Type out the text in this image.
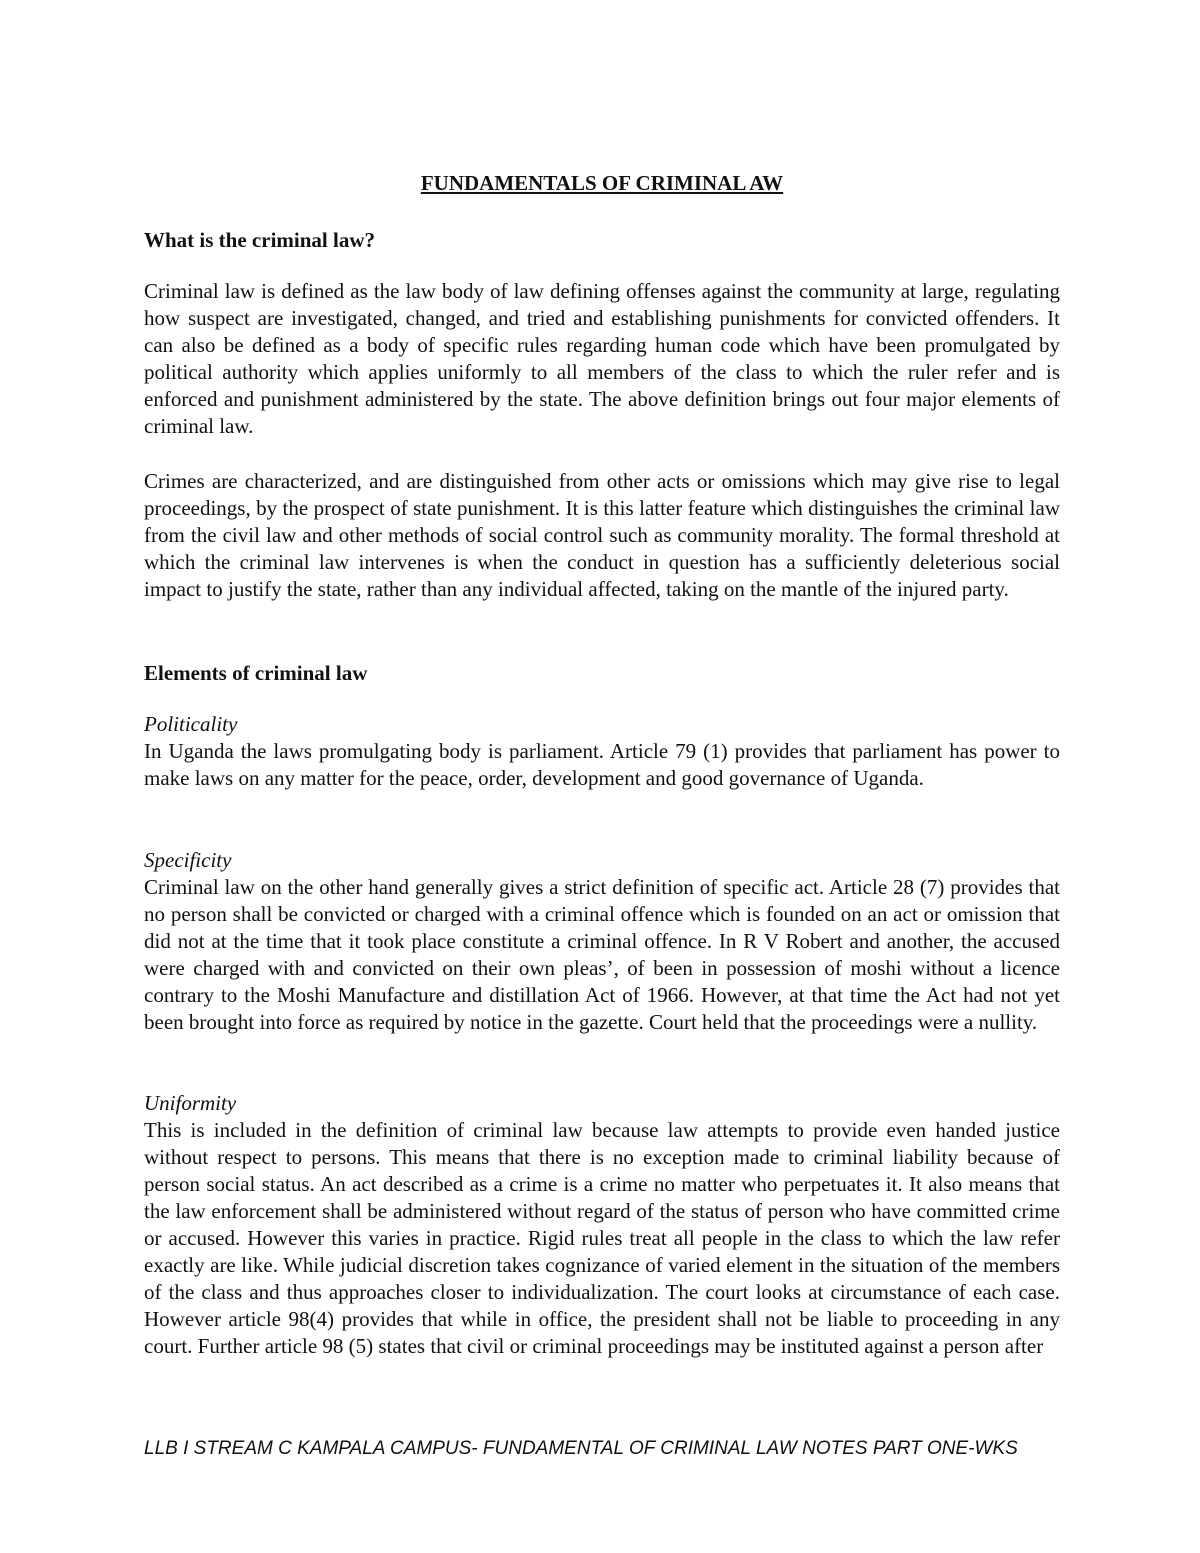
FUNDAMENTALS OF CRIMINAL AW
What is the criminal law?

Criminal law is defined as the law body of law defining offenses against the community at large, regulating how suspect are investigated, changed, and tried and establishing punishments for convicted offenders. It can also be defined as a body of specific rules regarding human code which have been promulgated by political authority which applies uniformly to all members of the class to which the ruler refer and is enforced and punishment administered by the state. The above definition brings out four major elements of criminal law.

Crimes are characterized, and are distinguished from other acts or omissions which may give rise to legal proceedings, by the prospect of state punishment. It is this latter feature which distinguishes the criminal law from the civil law and other methods of social control such as community morality. The formal threshold at which the criminal law intervenes is when the conduct in question has a sufficiently deleterious social impact to justify the state, rather than any individual affected, taking on the mantle of the injured party.

Elements of criminal law

Politicality

In Uganda the laws promulgating body is parliament. Article 79 (1) provides that parliament has power to make laws on any matter for the peace, order, development and good governance of Uganda.

Specificity

Criminal law on the other hand generally gives a strict definition of specific act. Article 28 (7) provides that no person shall be convicted or charged with a criminal offence which is founded on an act or omission that did not at the time that it took place constitute a criminal offence. In R V Robert and another, the accused were charged with and convicted on their own pleas’, of been in possession of moshi without a licence contrary to the Moshi Manufacture and distillation Act of 1966. However, at that time the Act had not yet been brought into force as required by notice in the gazette. Court held that the proceedings were a nullity.

Uniformity

This is included in the definition of criminal law because law attempts to provide even handed justice without respect to persons. This means that there is no exception made to criminal liability because of person social status. An act described as a crime is a crime no matter who perpetuates it. It also means that the law enforcement shall be administered without regard of the status of person who have committed crime or accused. However this varies in practice. Rigid rules treat all people in the class to which the law refer exactly are like. While judicial discretion takes cognizance of varied element in the situation of the members of the class and thus approaches closer to individualization. The court looks at circumstance of each case. However article 98(4) provides that while in office, the president shall not be liable to proceeding in any court. Further article 98 (5) states that civil or criminal proceedings may be instituted against a person after

LLB I STREAM C KAMPALA CAMPUS- FUNDAMENTAL OF CRIMINAL LAW NOTES PART ONE-WKS
